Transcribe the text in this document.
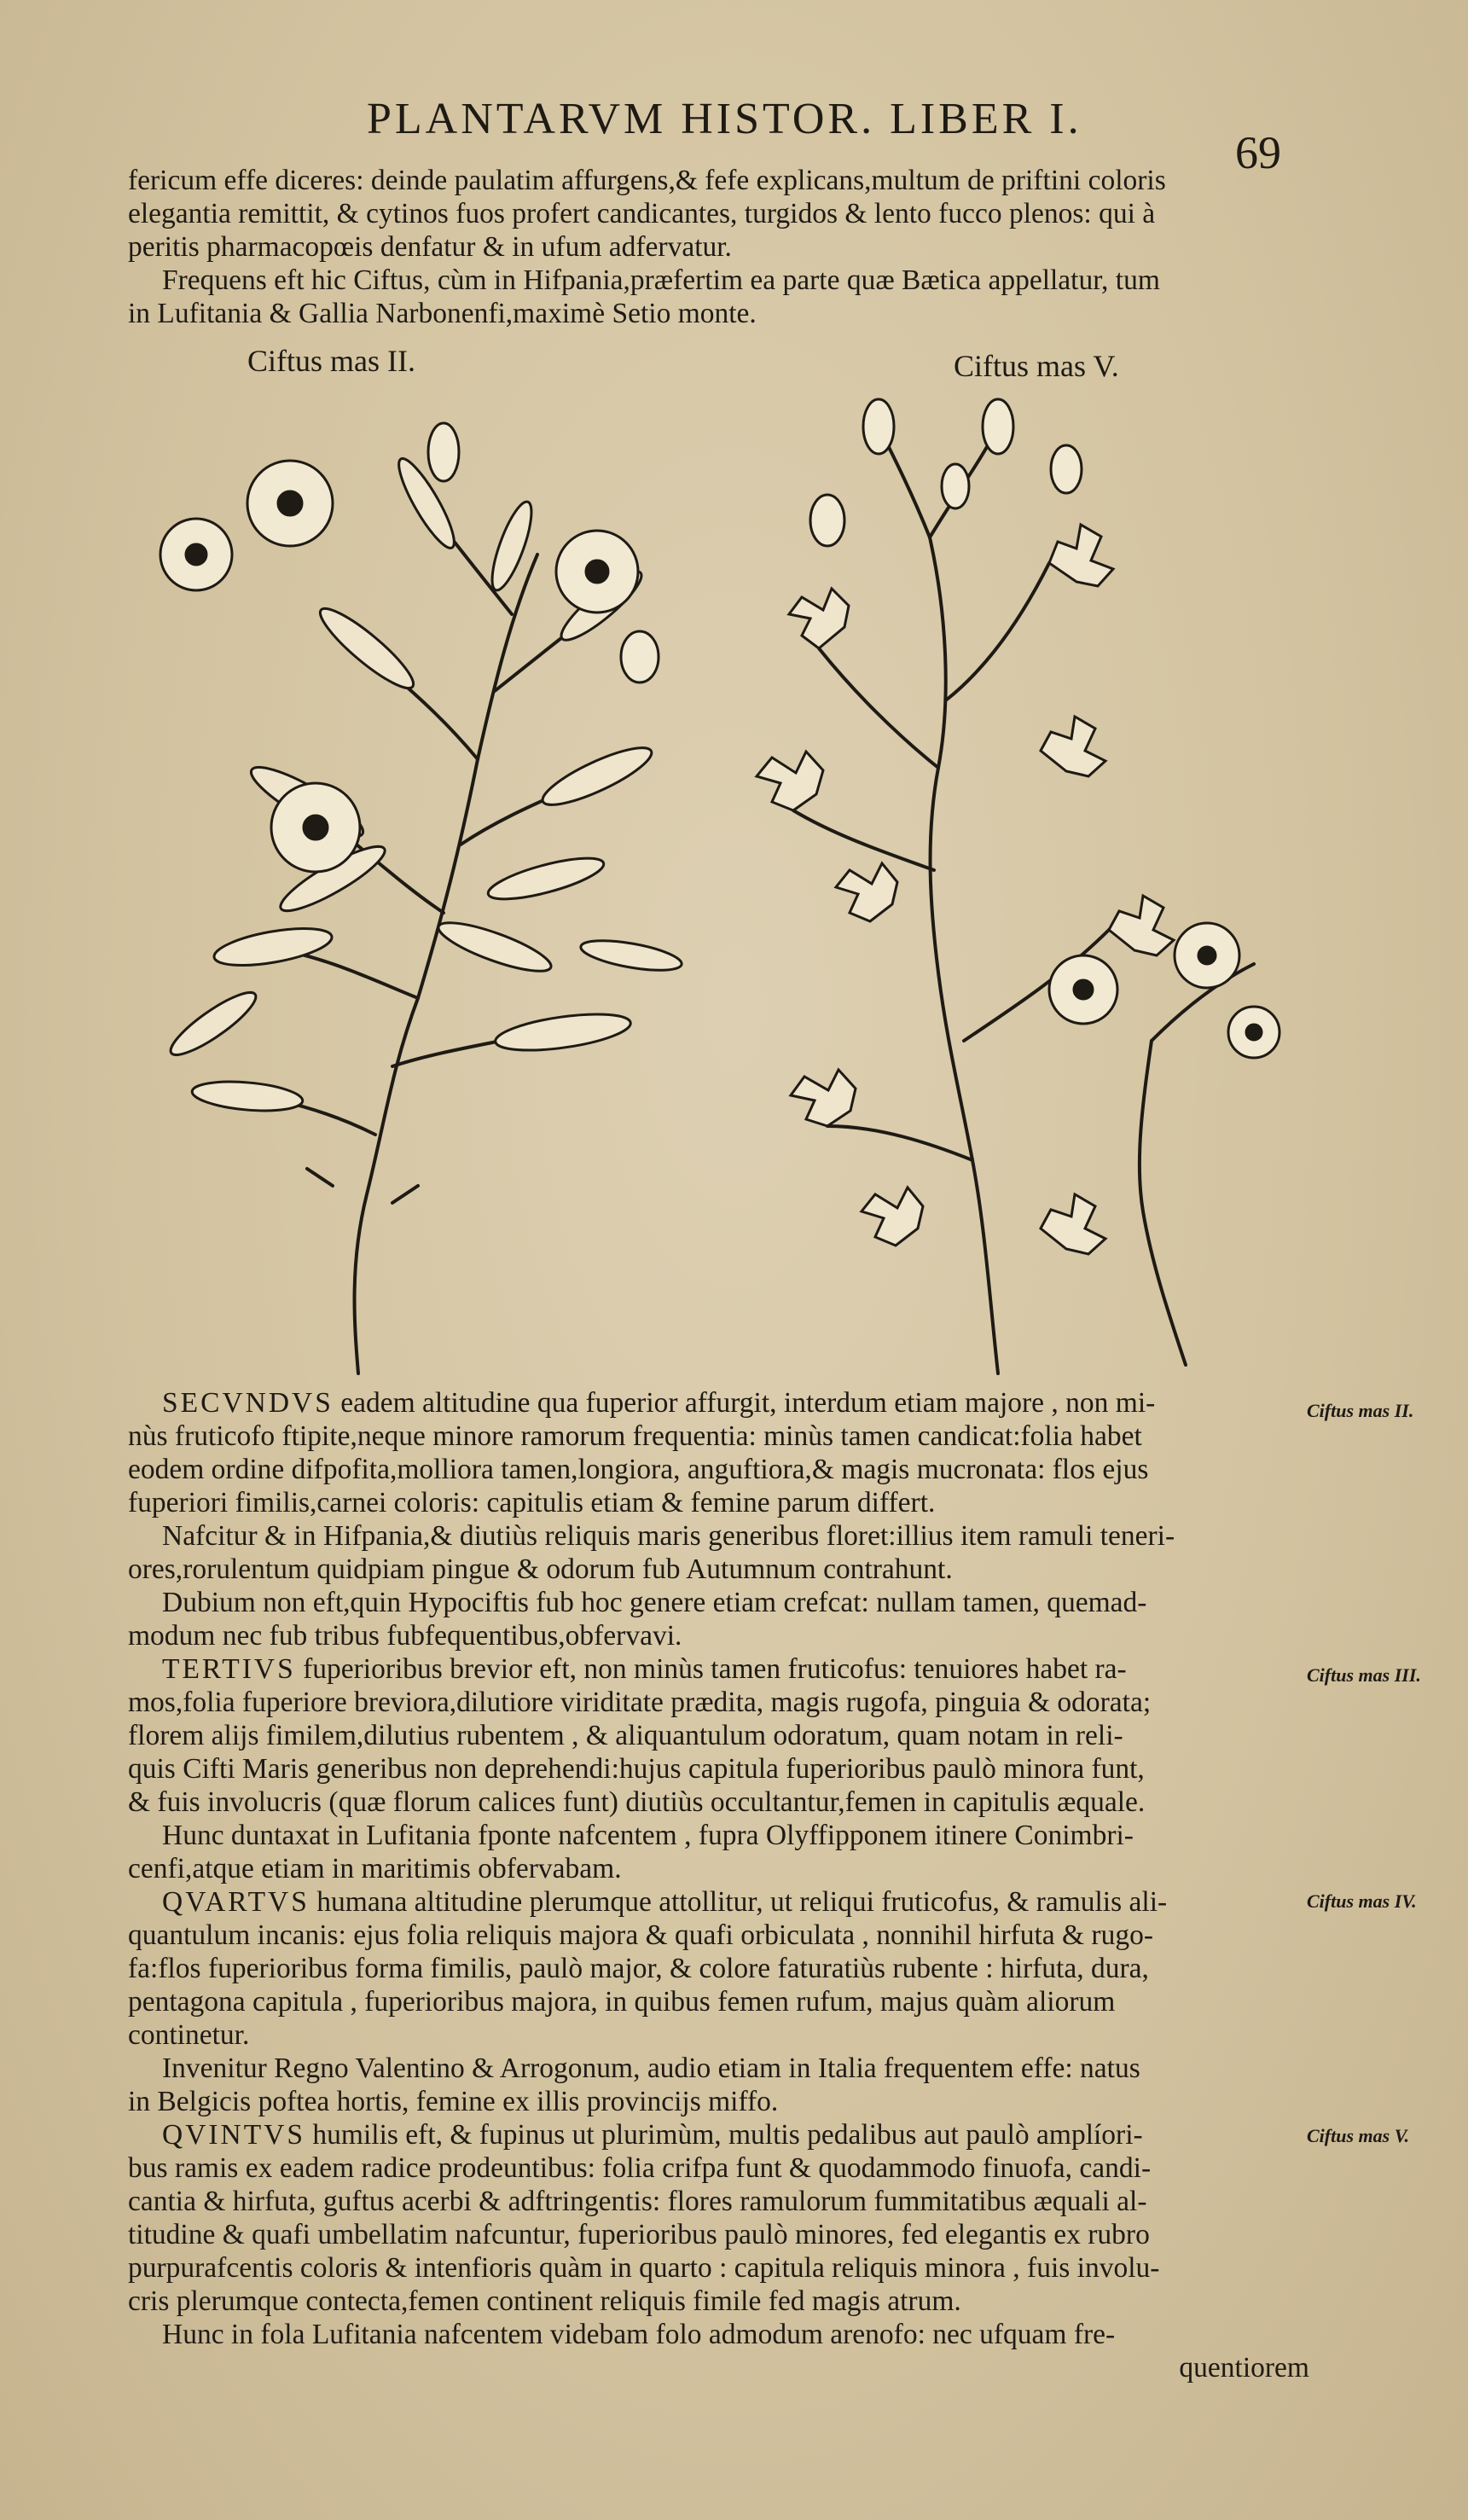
PLANTARVM HISTOR. LIBER I.
69

fericum effe diceres: deinde paulatim affurgens,& fefe explicans,multum de priftini coloris

elegantia remittit, & cytinos fuos profert candicantes, turgidos & lento fucco plenos: qui à

peritis pharmacopœis denfatur & in ufum adfervatur.

Frequens eft hic Ciftus, cùm in Hifpania,præfertim ea parte quæ Bætica appellatur, tum

in Lufitania & Gallia Narbonenfi,maximè Setio monte.

Ciftus mas II.	Ciftus mas V.

SECVNDVS eadem altitudine qua fuperior affurgit, interdum etiam majore , non mi-
nùs fruticofo ftipite,neque minore ramorum frequentia: minùs tamen candicat:folia habet
eodem ordine difpofita,molliora tamen,longiora, anguftiora,& magis mucronata: flos ejus
fuperiori fimilis,carnei coloris: capitulis etiam & femine parum differt.

Nafcitur & in Hifpania,& diutiùs reliquis maris generibus floret:illius item ramuli teneri-
ores,rorulentum quidpiam pingue & odorum fub Autumnum contrahunt.

Dubium non eft,quin Hypociftis fub hoc genere etiam crefcat: nullam tamen, quemad-
modum nec fub tribus fubfequentibus,obfervavi.

TERTIVS fuperioribus brevior eft, non minùs tamen fruticofus: tenuiores habet ra-
mos,folia fuperiore breviora,dilutiore viriditate prædita, magis rugofa, pinguia & odorata;
florem alijs fimilem,dilutius rubentem , & aliquantulum odoratum, quam notam in reli-
quis Cifti Maris generibus non deprehendi:hujus capitula fuperioribus paulò minora funt,
& fuis involucris (quæ florum calices funt) diutiùs occultantur,femen in capitulis æquale.

Hunc duntaxat in Lufitania fponte nafcentem , fupra Olyffipponem itinere Conimbri-
cenfi,atque etiam in maritimis obfervabam.

QVARTVS humana altitudine plerumque attollitur, ut reliqui fruticofus, & ramulis ali-
quantulum incanis: ejus folia reliquis majora & quafi orbiculata , nonnihil hirfuta & rugo-
fa:flos fuperioribus forma fimilis, paulò major, & colore faturatiùs rubente : hirfuta, dura,
pentagona capitula , fuperioribus majora, in quibus femen rufum, majus quàm aliorum
continetur.

Invenitur Regno Valentino & Arrogonum, audio etiam in Italia frequentem effe: natus
in Belgicis poftea hortis, femine ex illis provincijs miffo.

QVINTVS humilis eft, & fupinus ut plurimùm, multis pedalibus aut paulò amplíori-
bus ramis ex eadem radice prodeuntibus: folia crifpa funt & quodammodo finuofa, candi-
cantia & hirfuta, guftus acerbi & adftringentis: flores ramulorum fummitatibus æquali al-
titudine & quafi umbellatim nafcuntur, fuperioribus paulò minores, fed elegantis ex rubro
purpurafcentis coloris & intenfioris quàm in quarto : capitula reliquis minora , fuis involu-
cris plerumque contecta,femen continent reliquis fimile fed magis atrum.

Hunc in fola Lufitania nafcentem videbam folo admodum arenofo: nec ufquam fre-

quentiorem

Ciftus mas II.
Ciftus mas III.
Ciftus mas IV.
Ciftus mas V.
